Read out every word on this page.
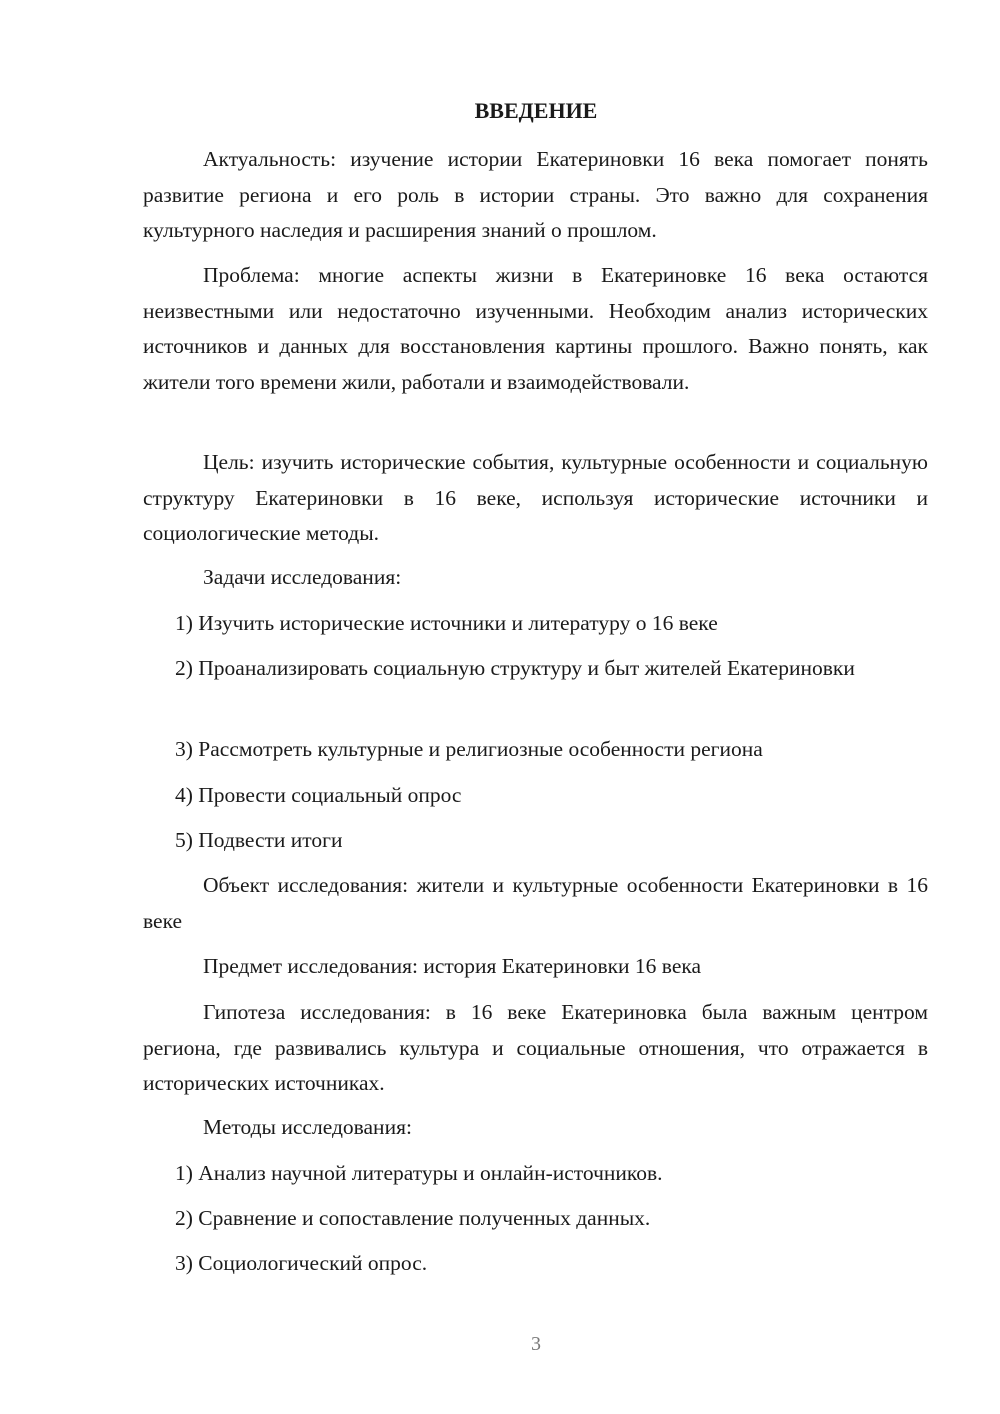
ВВЕДЕНИЕ

Актуальность: изучение истории Екатериновки 16 века помогает понять развитие региона и его роль в истории страны. Это важно для сохранения культурного наследия и расширения знаний о прошлом.

Проблема: многие аспекты жизни в Екатериновке 16 века остаются неизвестными или недостаточно изученными. Необходим анализ исторических источников и данных для восстановления картины прошлого. Важно понять, как жители того времени жили, работали и взаимодействовали.

Цель: изучить исторические события, культурные особенности и социальную структуру Екатериновки в 16 веке, используя исторические источники и социологические методы.

Задачи исследования:

1) Изучить исторические источники и литературу о 16 веке

2) Проанализировать социальную структуру и быт жителей Екатериновки

3) Рассмотреть культурные и религиозные особенности региона

4) Провести социальный опрос

5) Подвести итоги

Объект исследования: жители и культурные особенности Екатериновки в 16 веке

Предмет исследования: история Екатериновки 16 века

Гипотеза исследования: в 16 веке Екатериновка была важным центром региона, где развивались культура и социальные отношения, что отражается в исторических источниках.

Методы исследования:

1) Анализ научной литературы и онлайн-источников.

2) Сравнение и сопоставление полученных данных.

3) Социологический опрос.

3
